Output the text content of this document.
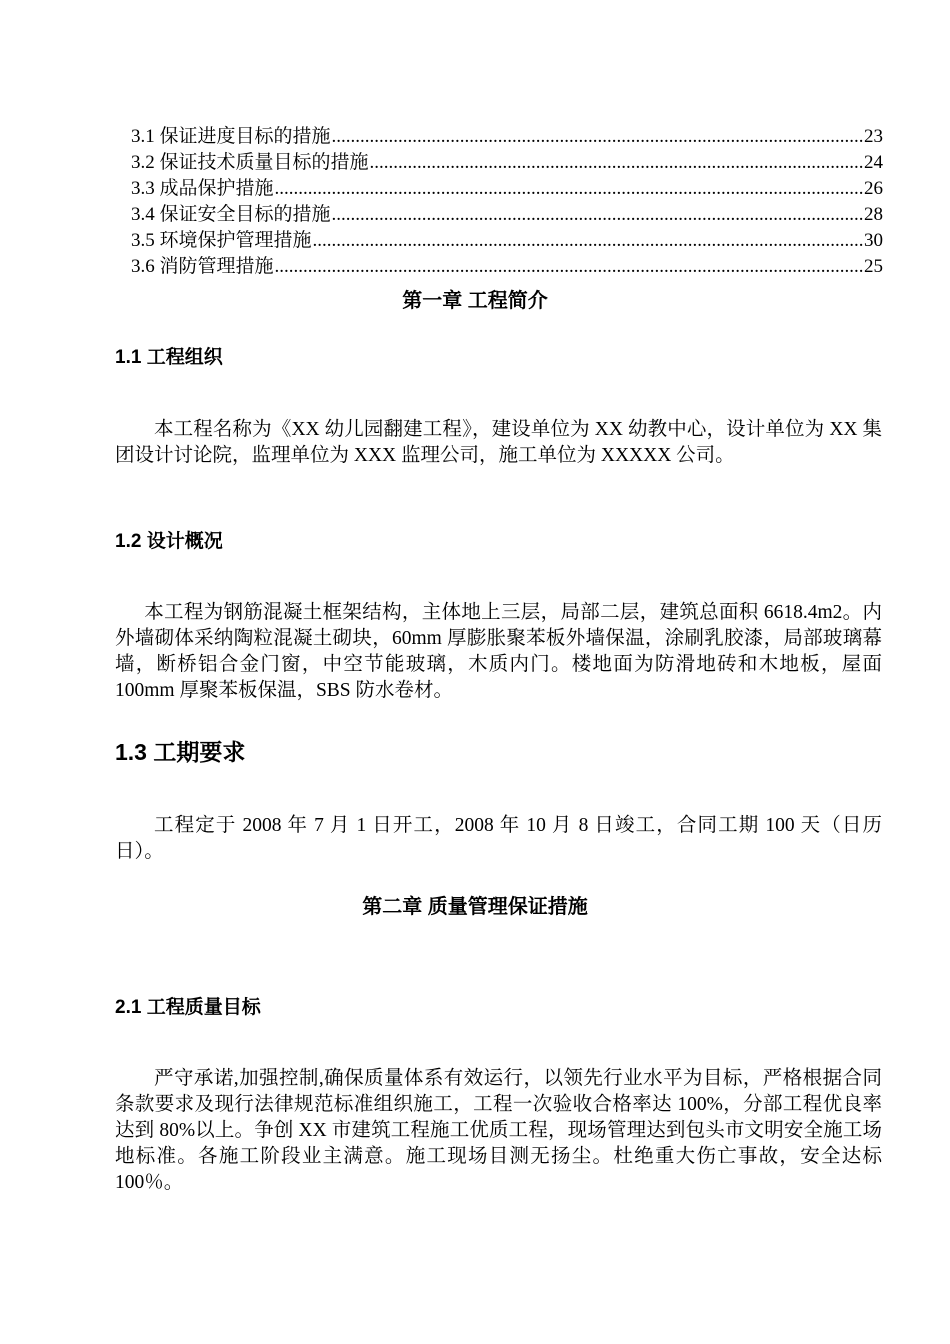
3.1 保证进度目标的措施 .....	23
3.2 保证技术质量目标的措施 .....	24
3.3 成品保护措施 .....	26
3.4 保证安全目标的措施 .....	28
3.5 环境保护管理措施 .....	30
3.6 消防管理措施 .....	25
第一章 工程简介
1.1 工程组织
本工程名称为《XX 幼儿园翻建工程》，建设单位为 XX 幼教中心，设计单位为 XX 集团设计讨论院，监理单位为 XXX 监理公司，施工单位为 XXXXX 公司。
1.2 设计概况
本工程为钢筋混凝土框架结构，主体地上三层，局部二层，建筑总面积 6618.4m2。内外墙砌体采纳陶粒混凝土砌块，60mm 厚膨胀聚苯板外墙保温，涂刷乳胶漆，局部玻璃幕墙，断桥铝合金门窗，中空节能玻璃，木质内门。楼地面为防滑地砖和木地板，屋面 100mm 厚聚苯板保温，SBS 防水卷材。
1.3 工期要求
工程定于 2008 年 7 月 1 日开工，2008 年 10 月 8 日竣工，合同工期 100 天（日历日）。
第二章 质量管理保证措施
2.1 工程质量目标
严守承诺,加强控制,确保质量体系有效运行，以领先行业水平为目标，严格根据合同条款要求及现行法律规范标准组织施工，工程一次验收合格率达 100%，分部工程优良率达到 80%以上。争创 XX 市建筑工程施工优质工程，现场管理达到包头市文明安全施工场地标准。各施工阶段业主满意。施工现场目测无扬尘。杜绝重大伤亡事故，安全达标 100％。
